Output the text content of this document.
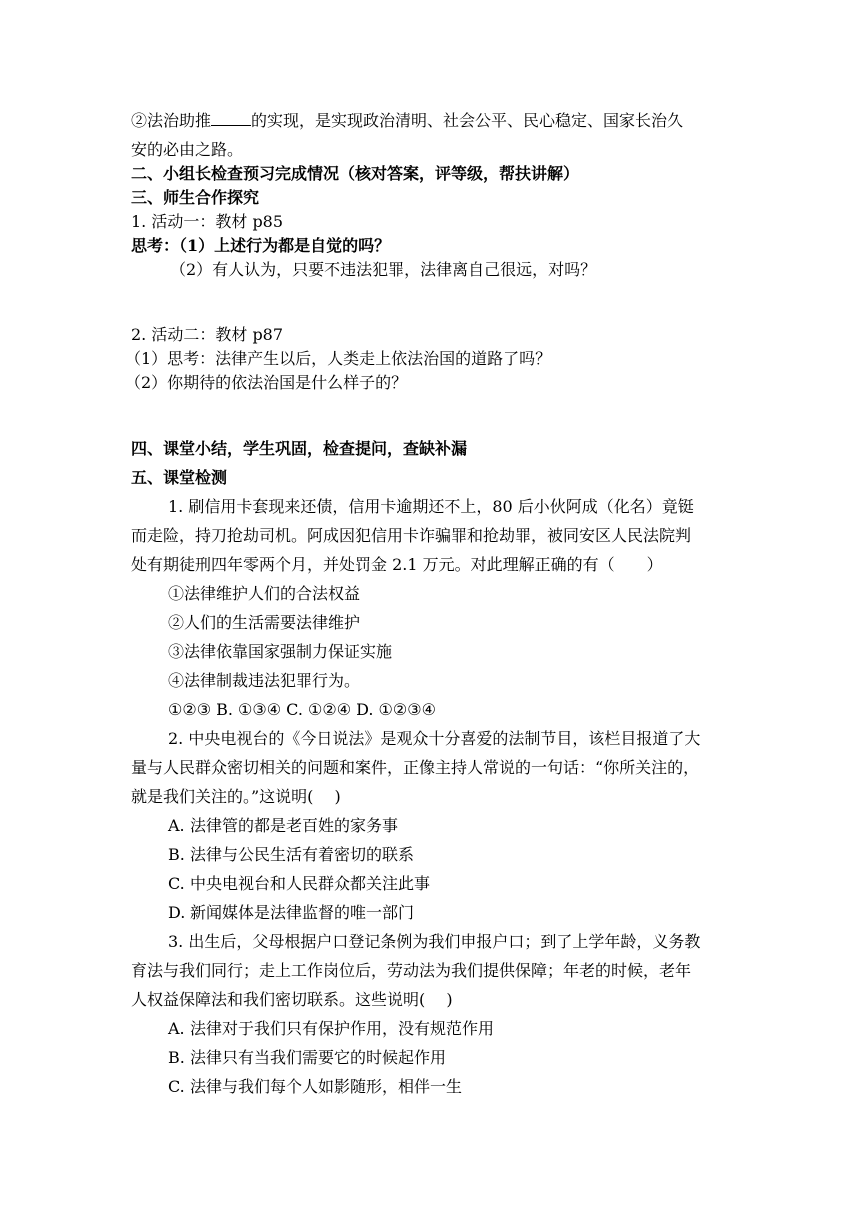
②法治助推	的实现，是实现政治清明、社会公平、民心稳定、国家长治久
安的必由之路。
二、小组长检查预习完成情况（核对答案，评等级，帮扶讲解）
三、师生合作探究
1. 活动一：教材 p85
思考：（1）上述行为都是自觉的吗？
（2）有人认为，只要不违法犯罪，法律离自己很远，对吗？
2. 活动二：教材 p87
（1）思考：法律产生以后，人类走上依法治国的道路了吗？
（2）你期待的依法治国是什么样子的？
四、课堂小结，学生巩固，检查提问，查缺补漏
五、课堂检测
1. 刷信用卡套现来还债，信用卡逾期还不上，80 后小伙阿成（化名）竟铤
而走险，持刀抢劫司机。阿成因犯信用卡诈骗罪和抢劫罪，被同安区人民法院判
处有期徒刑四年零两个月，并处罚金 2.1 万元。对此理解正确的有（　　）
①法律维护人们的合法权益
②人们的生活需要法律维护
③法律依靠国家强制力保证实施
④法律制裁违法犯罪行为。
①②③ B. ①③④ C. ①②④ D. ①②③④
2. 中央电视台的《今日说法》是观众十分喜爱的法制节目，该栏目报道了大
量与人民群众密切相关的问题和案件，正像主持人常说的一句话：“你所关注的，
就是我们关注的。”这说明(　 )
A. 法律管的都是老百姓的家务事
B. 法律与公民生活有着密切的联系
C. 中央电视台和人民群众都关注此事
D. 新闻媒体是法律监督的唯一部门
3. 出生后，父母根据户口登记条例为我们申报户口；到了上学年龄，义务教
育法与我们同行；走上工作岗位后，劳动法为我们提供保障；年老的时候，老年
人权益保障法和我们密切联系。这些说明(　 )
A. 法律对于我们只有保护作用，没有规范作用
B. 法律只有当我们需要它的时候起作用
C. 法律与我们每个人如影随形，相伴一生
